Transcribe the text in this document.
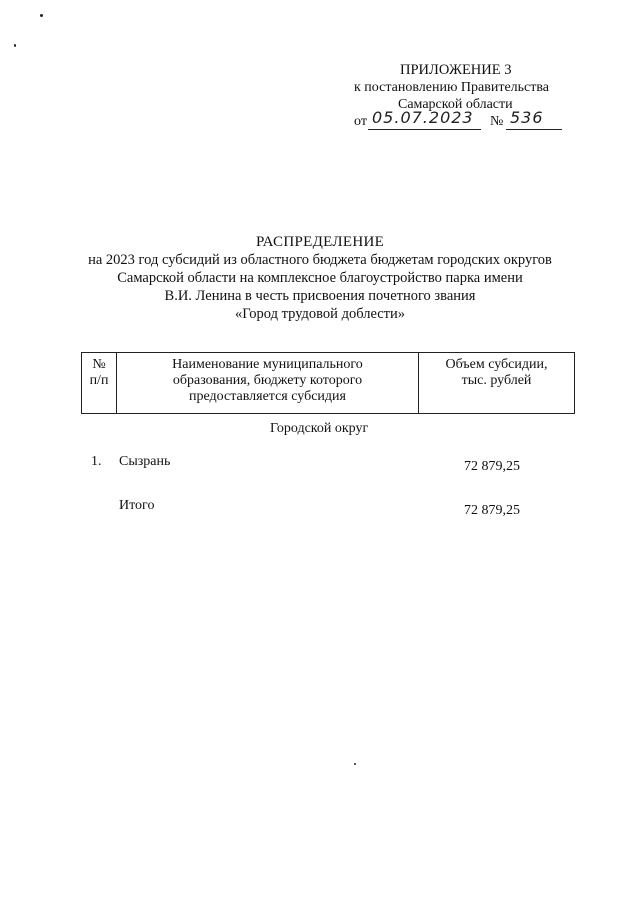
ПРИЛОЖЕНИЕ 3
к постановлению Правительства
Самарской области
от 05.07.2023 № 536
РАСПРЕДЕЛЕНИЕ
на 2023 год субсидий из областного бюджета бюджетам городских округов
Самарской области на комплексное благоустройство парка имени
В.И. Ленина в честь присвоения почетного звания
«Город трудовой доблести»
№
п/п

Наименование муниципального
образования, бюджету которого
предоставляется субсидия

Объем субсидии,
тыс. рублей
Городской округ
1. Сызрань	72 879,25
Итого	72 879,25
